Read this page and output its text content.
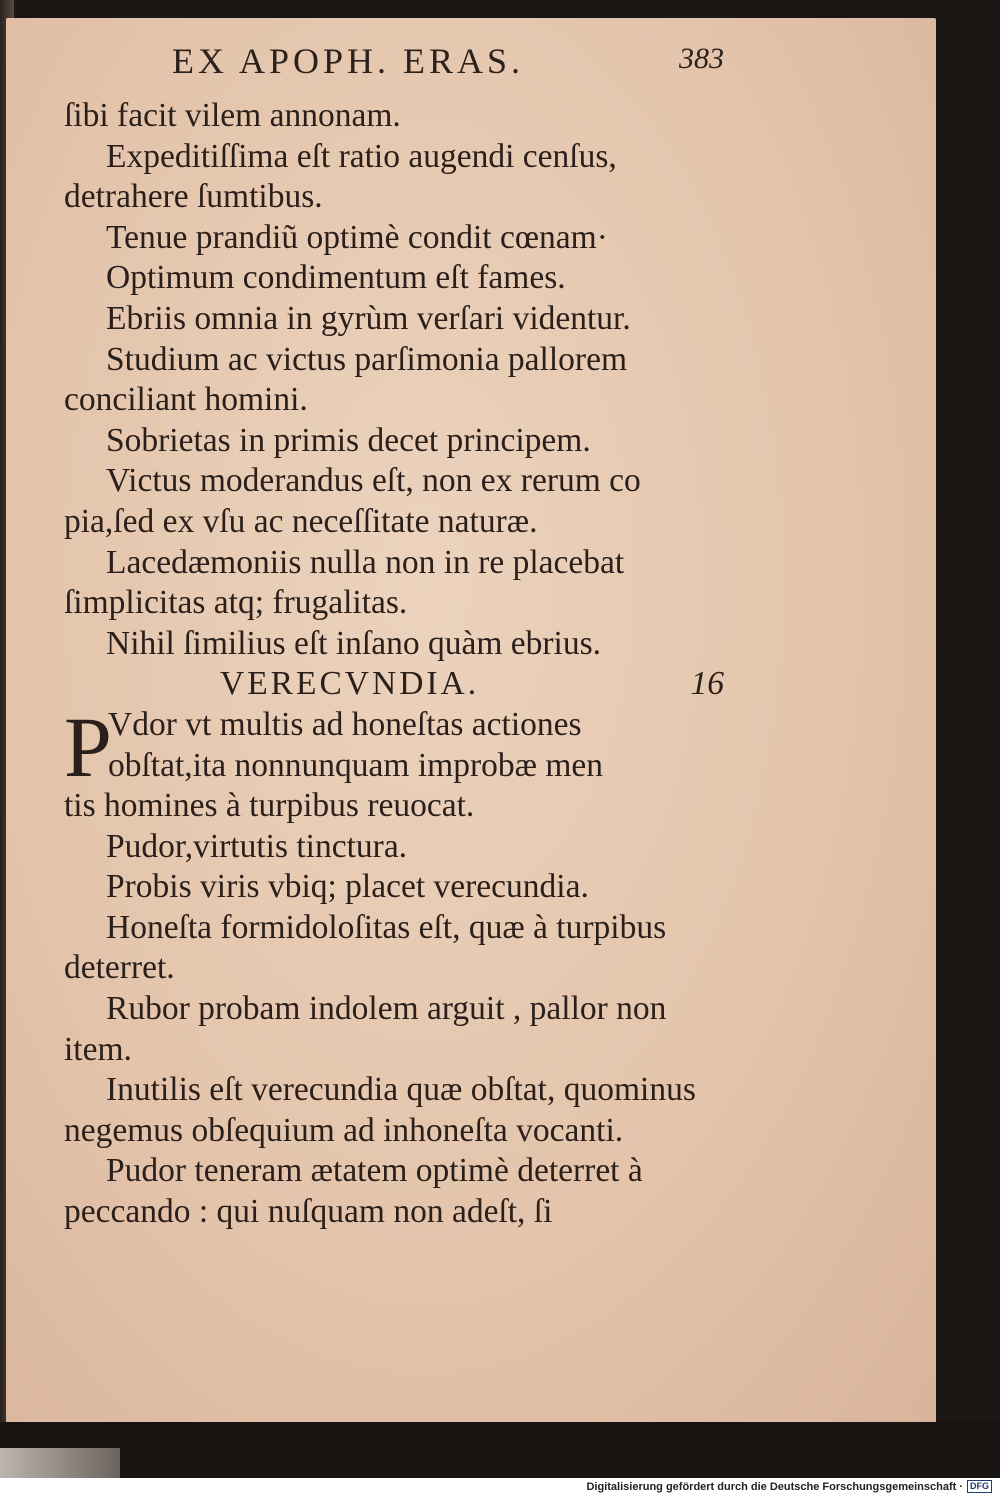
EX APOPH. ERAS.	383

ſibi facit vilem annonam.

Expeditiſſima eſt ratio augendi cenſus, detrahere ſumtibus.

Tenue prandiũ optimè condit cœnam·

Optimum condimentum eſt fames.

Ebriis omnia in gyrùm verſari videntur.

Studium ac victus parſimonia pallorem conciliant homini.

Sobrietas in primis decet principem.

Victus moderandus eſt, non ex rerum co pia,ſed ex vſu ac neceſſitate naturæ.

Lacedæmoniis nulla non in re placebat ſimplicitas atq; frugalitas.

Nihil ſimilius eſt inſano quàm ebrius.

VERECVNDIA.	16
P

Vdor vt multis ad honeſtas actiones

obſtat,ita nonnunquam improbæ men

tis homines à turpibus reuocat.

Pudor,virtutis tinctura.

Probis viris vbiq; placet verecundia.

Honeſta formidoloſitas eſt, quæ à turpibus deterret.

Rubor probam indolem arguit , pallor non item.

Inutilis eſt verecundia quæ obſtat, quominus negemus obſequium ad inhoneſta vocanti.

Pudor teneram ætatem optimè deterret à peccando : qui nuſquam non adeſt, ſi

Digitalisierung gefördert durch die Deutsche Forschungsgemeinschaft · DFG
